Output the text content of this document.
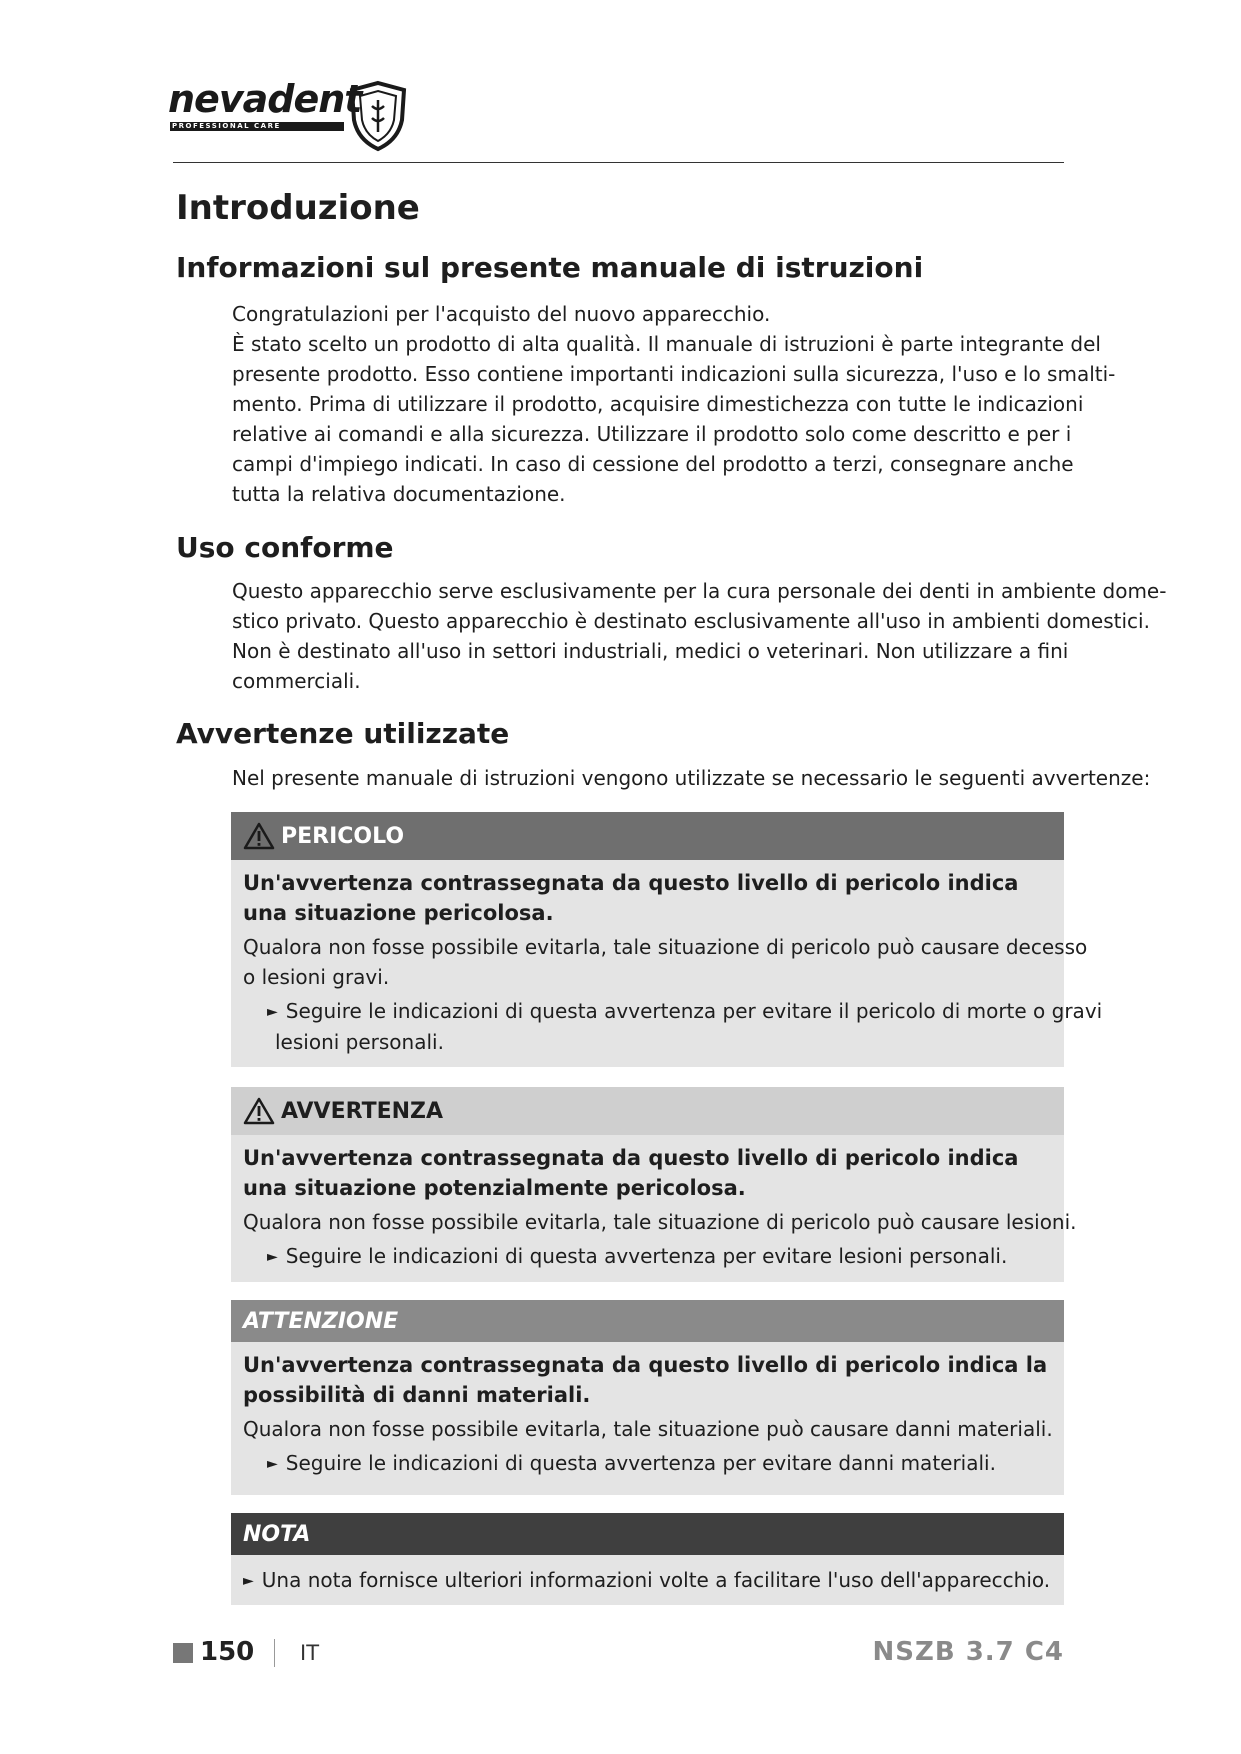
nevadent
PROFESSIONAL CARE
Introduzione
Informazioni sul presente manuale di istruzioni

Congratulazioni per l'acquisto del nuovo apparecchio.
È stato scelto un prodotto di alta qualità. Il manuale di istruzioni è parte integrante del
presente prodotto. Esso contiene importanti indicazioni sulla sicurezza, l'uso e lo smalti-
mento. Prima di utilizzare il prodotto, acquisire dimestichezza con tutte le indicazioni
relative ai comandi e alla sicurezza. Utilizzare il prodotto solo come descritto e per i
campi d'impiego indicati. In caso di cessione del prodotto a terzi, consegnare anche
tutta la relativa documentazione.

Uso conforme

Questo apparecchio serve esclusivamente per la cura personale dei denti in ambiente dome-
stico privato. Questo apparecchio è destinato esclusivamente all'uso in ambienti domestici.
Non è destinato all'uso in settori industriali, medici o veterinari. Non utilizzare a fini
commerciali.

Avvertenze utilizzate

Nel presente manuale di istruzioni vengono utilizzate se necessario le seguenti avvertenze:

PERICOLO
Un'avvertenza contrassegnata da questo livello di pericolo indica
una situazione pericolosa.
Qualora non fosse possibile evitarla, tale situazione di pericolo può causare decesso
o lesioni gravi.
► Seguire le indicazioni di questa avvertenza per evitare il pericolo di morte o gravi
lesioni personali.
AVVERTENZA
Un'avvertenza contrassegnata da questo livello di pericolo indica
una situazione potenzialmente pericolosa.
Qualora non fosse possibile evitarla, tale situazione di pericolo può causare lesioni.
► Seguire le indicazioni di questa avvertenza per evitare lesioni personali.
ATTENZIONE
Un'avvertenza contrassegnata da questo livello di pericolo indica la
possibilità di danni materiali.
Qualora non fosse possibile evitarla, tale situazione può causare danni materiali.
► Seguire le indicazioni di questa avvertenza per evitare danni materiali.
NOTA
► Una nota fornisce ulteriori informazioni volte a facilitare l'uso dell'apparecchio.
150 IT	NSZB 3.7 C4
